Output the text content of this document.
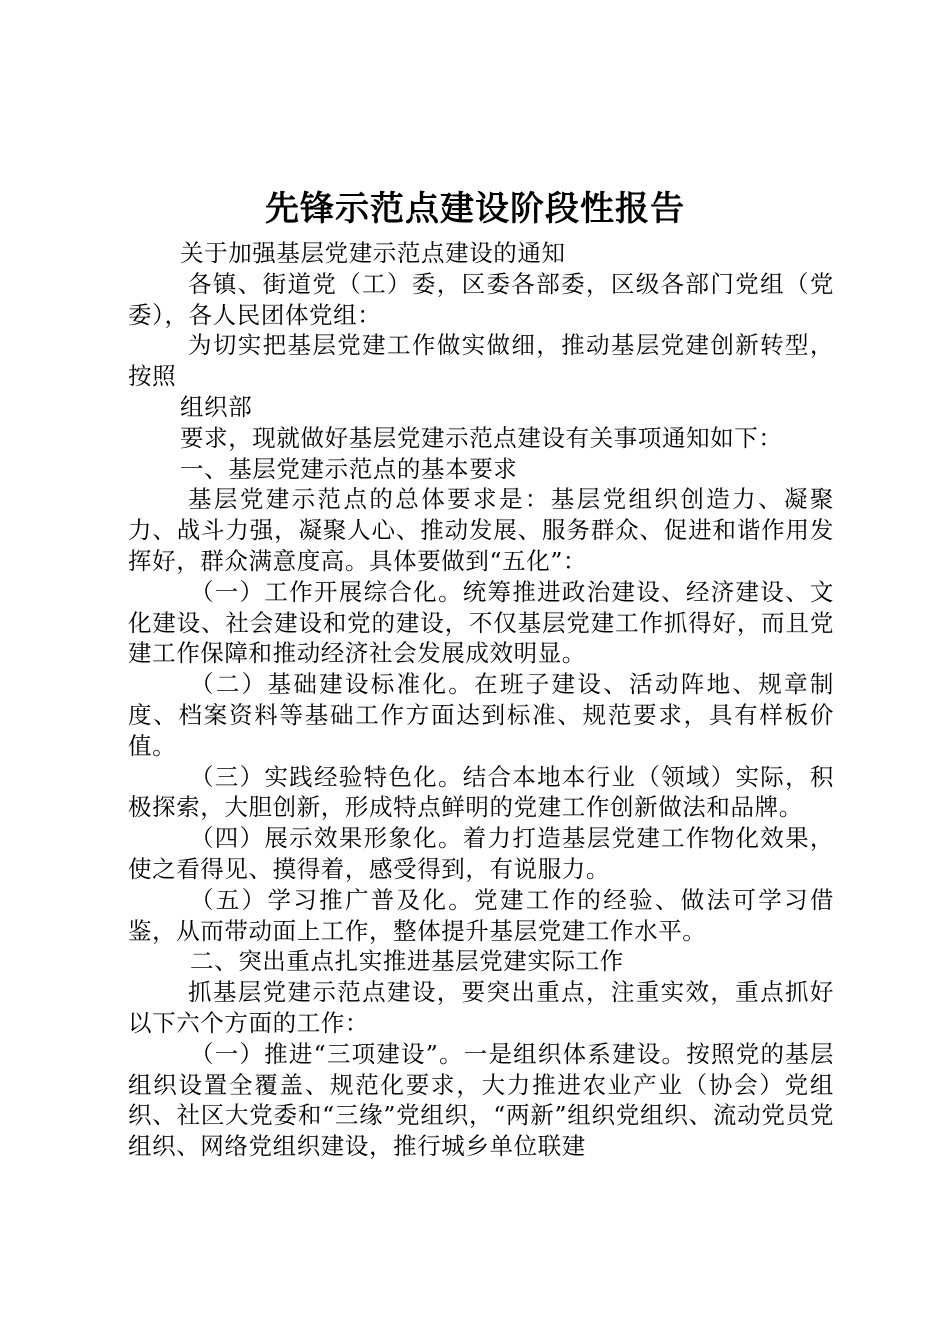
先锋示范点建设阶段性报告

关于加强基层党建示范点建设的通知

各镇、街道党（工）委，区委各部委，区级各部门党组（党委），各人民团体党组：

为切实把基层党建工作做实做细，推动基层党建创新转型，按照

组织部

要求，现就做好基层党建示范点建设有关事项通知如下：

一、基层党建示范点的基本要求

基层党建示范点的总体要求是：基层党组织创造力、凝聚力、战斗力强，凝聚人心、推动发展、服务群众、促进和谐作用发挥好，群众满意度高。具体要做到“五化”：

（一）工作开展综合化。统筹推进政治建设、经济建设、文化建设、社会建设和党的建设，不仅基层党建工作抓得好，而且党建工作保障和推动经济社会发展成效明显。

（二）基础建设标准化。在班子建设、活动阵地、规章制度、档案资料等基础工作方面达到标准、规范要求，具有样板价值。

（三）实践经验特色化。结合本地本行业（领域）实际，积极探索，大胆创新，形成特点鲜明的党建工作创新做法和品牌。

（四）展示效果形象化。着力打造基层党建工作物化效果，使之看得见、摸得着，感受得到，有说服力。

（五）学习推广普及化。党建工作的经验、做法可学习借鉴，从而带动面上工作，整体提升基层党建工作水平。

二、突出重点扎实推进基层党建实际工作

抓基层党建示范点建设，要突出重点，注重实效，重点抓好以下六个方面的工作：

（一）推进“三项建设”。一是组织体系建设。按照党的基层组织设置全覆盖、规范化要求，大力推进农业产业（协会）党组织、社区大党委和“三缘”党组织，“两新”组织党组织、流动党员党组织、网络党组织建设，推行城乡单位联建
